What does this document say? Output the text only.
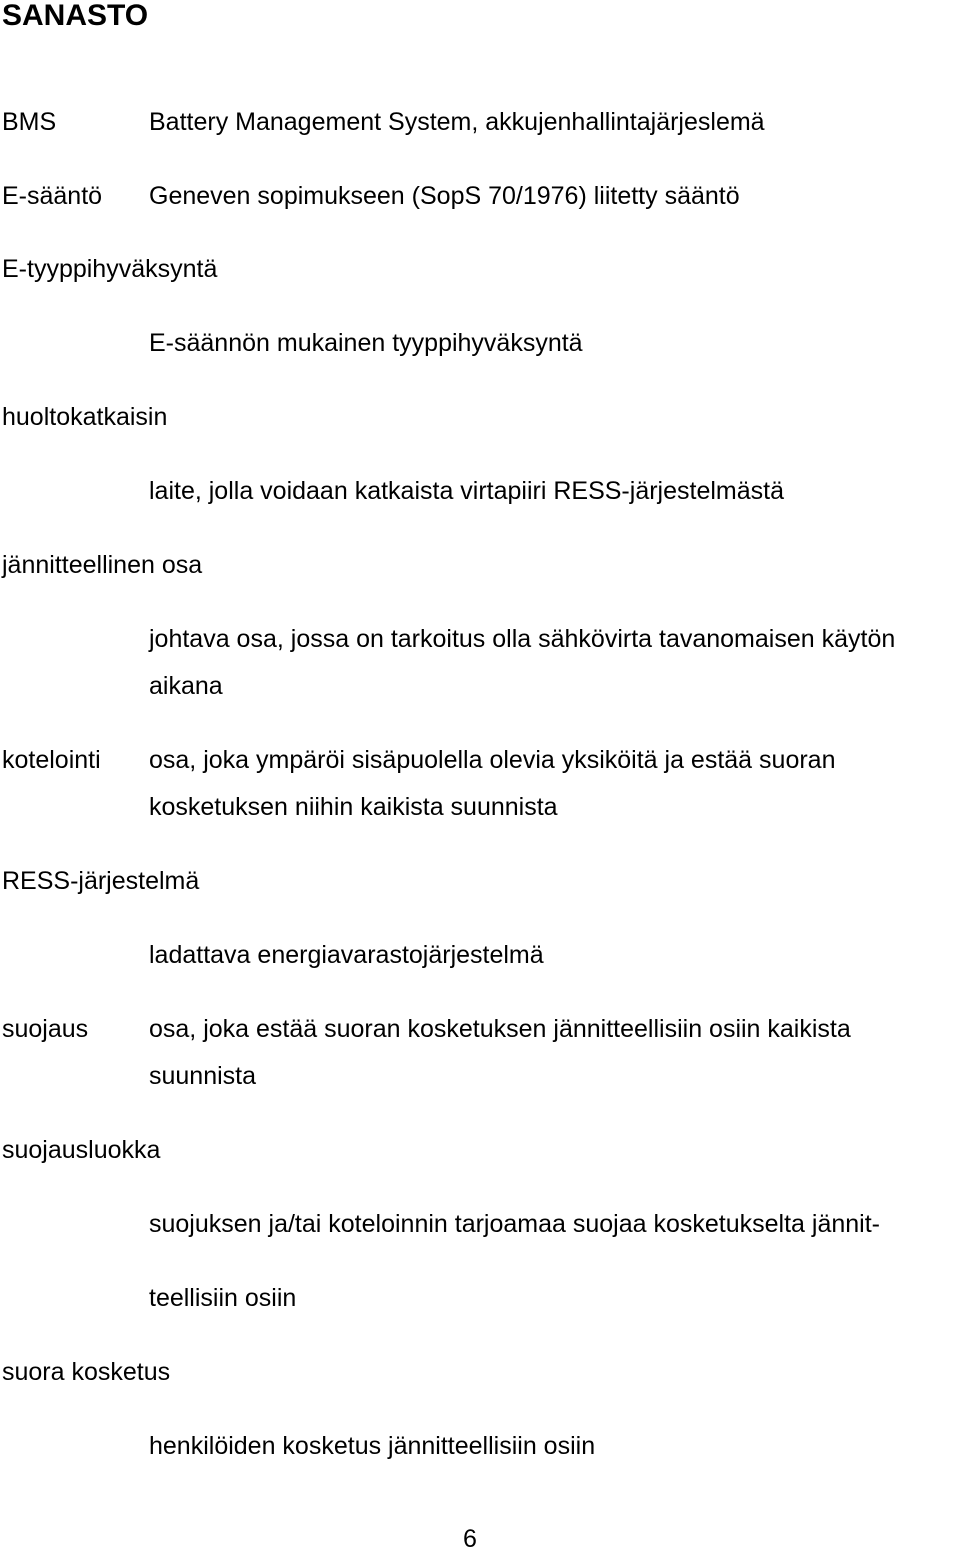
SANASTO
BMS	Battery Management System, akkujenhallintajärjeslemä
E-sääntö Geneven sopimukseen (SopS 70/1976) liitetty sääntö
E-tyyppihyväksyntä
E-säännön mukainen tyyppihyväksyntä
huoltokatkaisin
laite, jolla voidaan katkaista virtapiiri RESS-järjestelmästä
jännitteellinen osa
johtava osa, jossa on tarkoitus olla sähkövirta tavanomaisen käytön
aikana
kotelointi osa, joka ympäröi sisäpuolella olevia yksiköitä ja estää suoran
kosketuksen niihin kaikista suunnista
RESS-järjestelmä
ladattava energiavarastojärjestelmä
suojaus osa, joka estää suoran kosketuksen jännitteellisiin osiin kaikista
suunnista
suojausluokka
suojuksen ja/tai koteloinnin tarjoamaa suojaa kosketukselta jännit-
teellisiin osiin
suora kosketus
henkilöiden kosketus jännitteellisiin osiin
6
